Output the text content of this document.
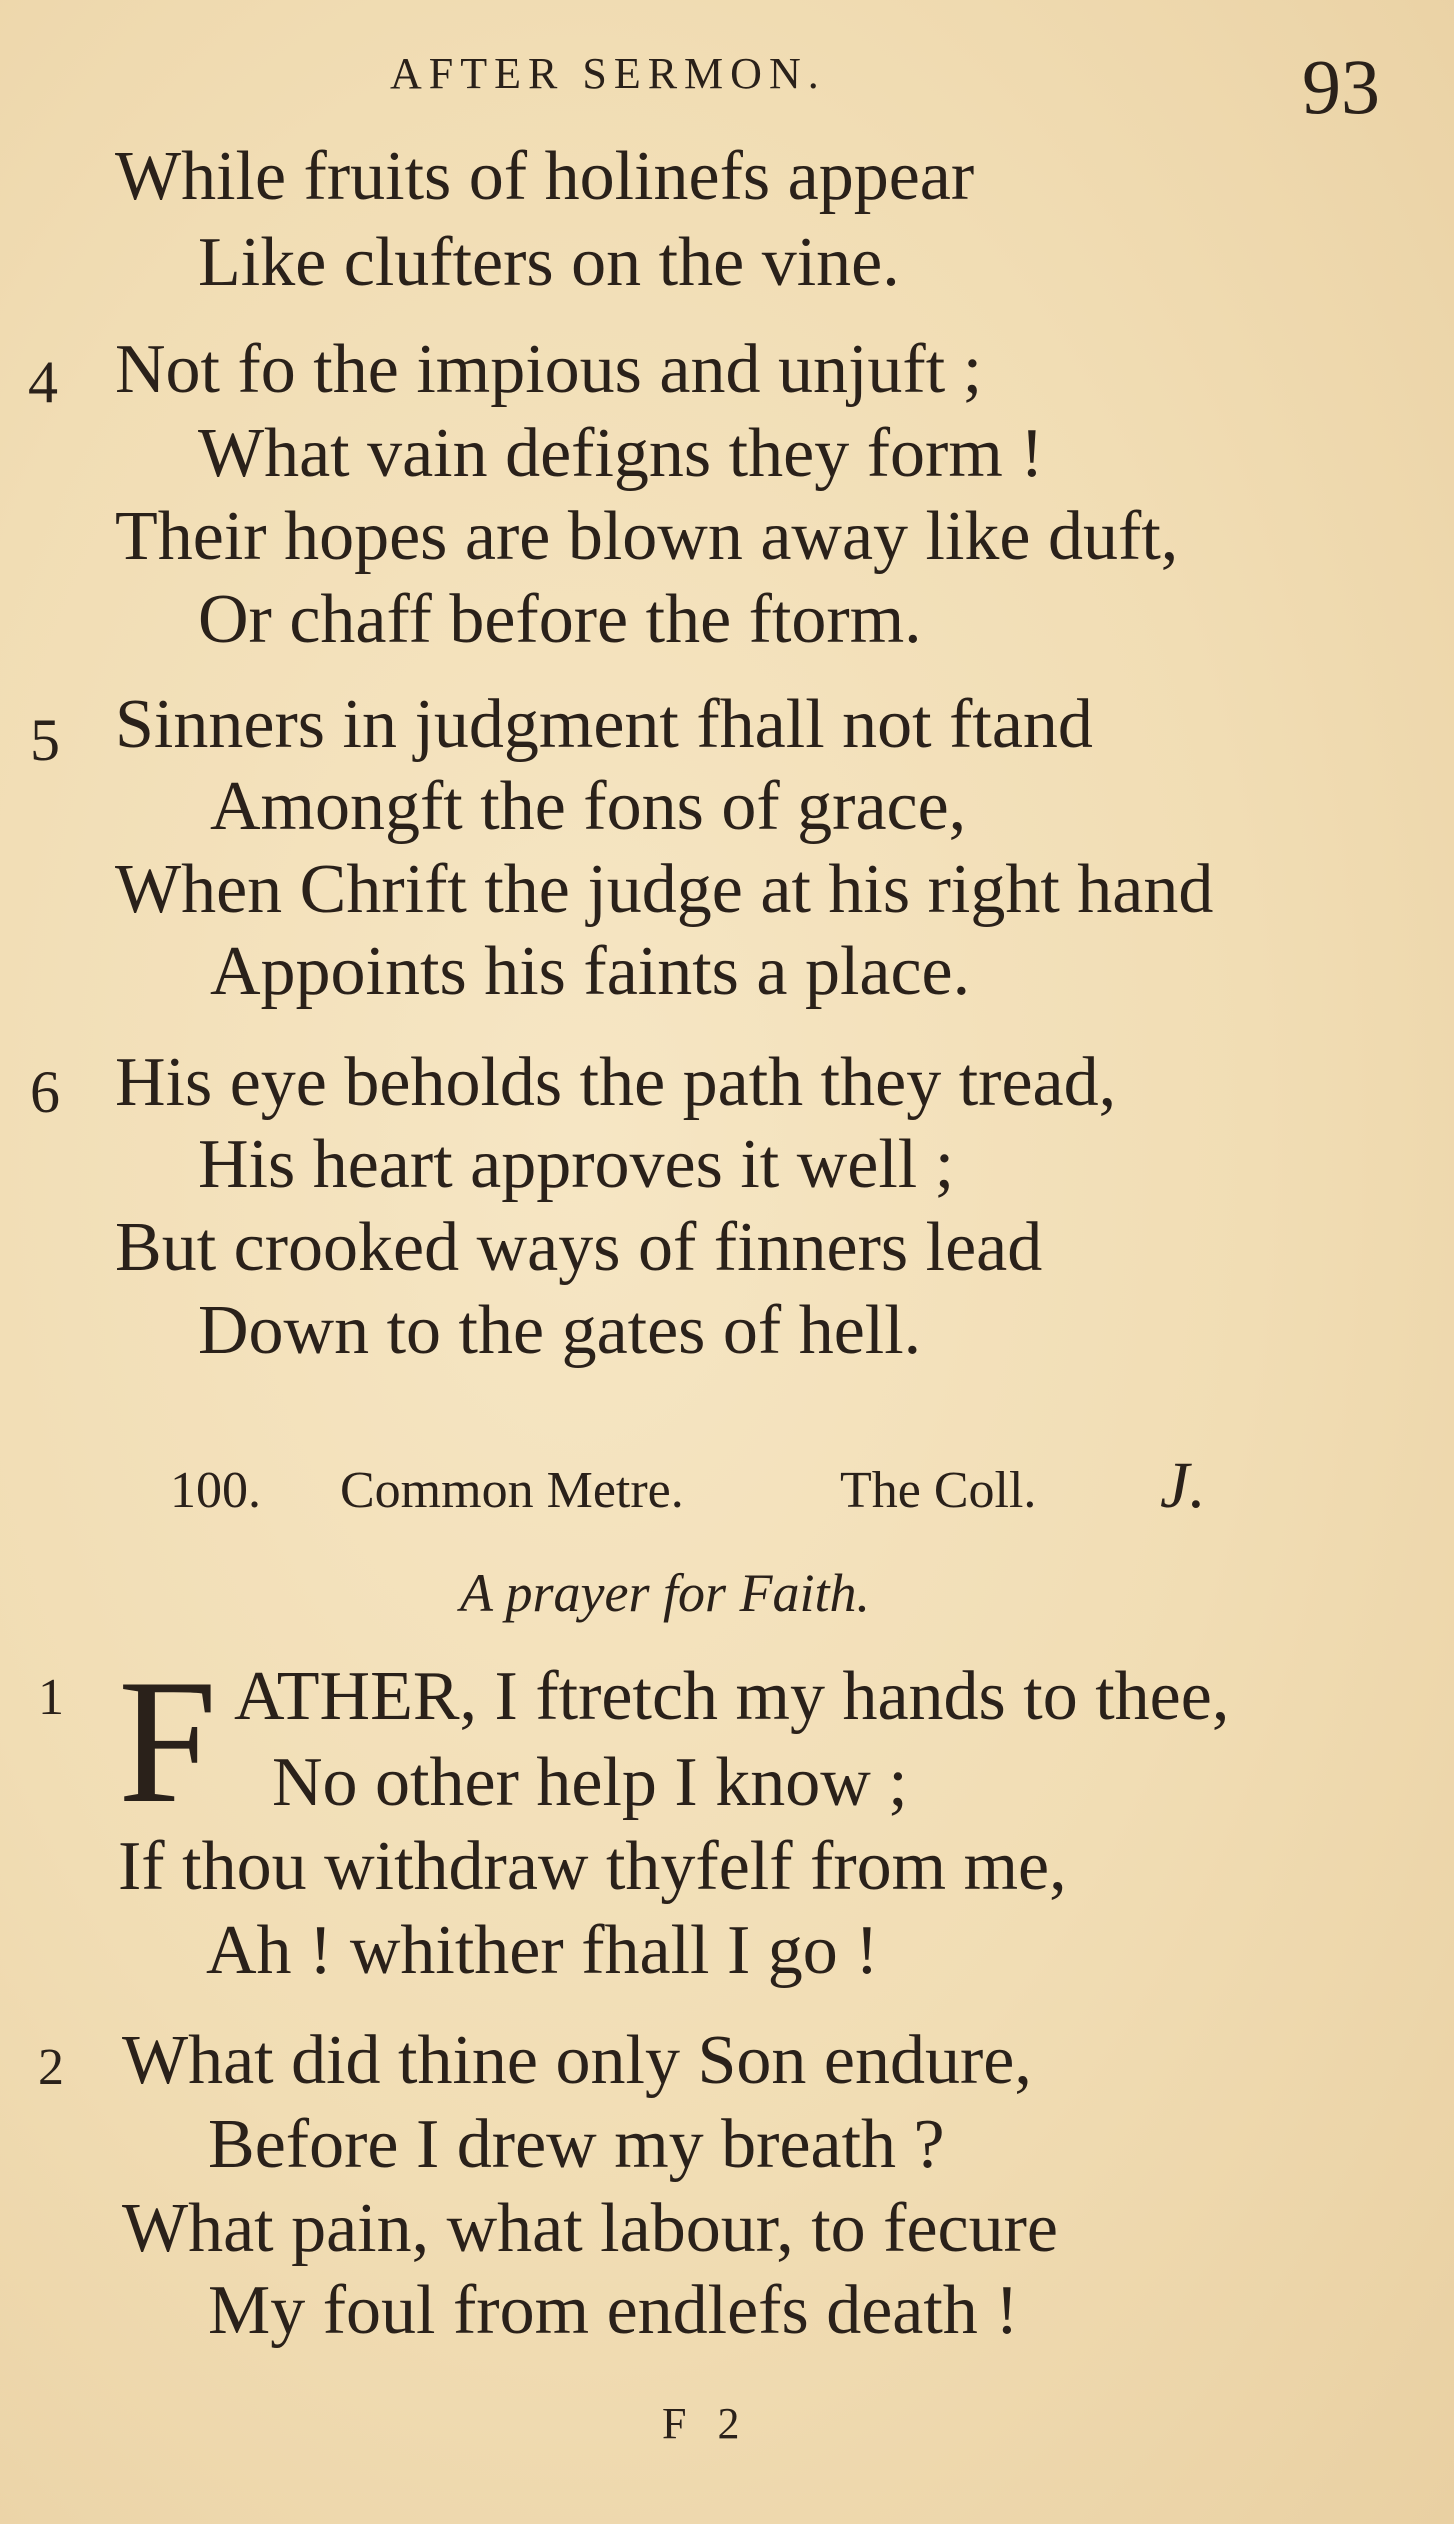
AFTER SERMON.	93
While fruits of holinefs appear
Like clufters on the vine.
4 Not fo the impious and unjuft ;
What vain defigns they form !
Their hopes are blown away like duft,
Or chaff before the ftorm.
5 Sinners in judgment fhall not ftand
Amongft the fons of grace,
When Chrift the judge at his right hand
Appoints his faints a place.
6 His eye beholds the path they tread,
His heart approves it well ;
But crooked ways of finners lead
Down to the gates of hell.
100. Common Metre.	The Coll. J.
A prayer for Faith.
1 F ATHER, I ftretch my hands to thee,
No other help I know ;
If thou withdraw thyfelf from me,
Ah ! whither fhall I go !
2 What did thine only Son endure,
Before I drew my breath ?
What pain, what labour, to fecure
My foul from endlefs death !
F 2
